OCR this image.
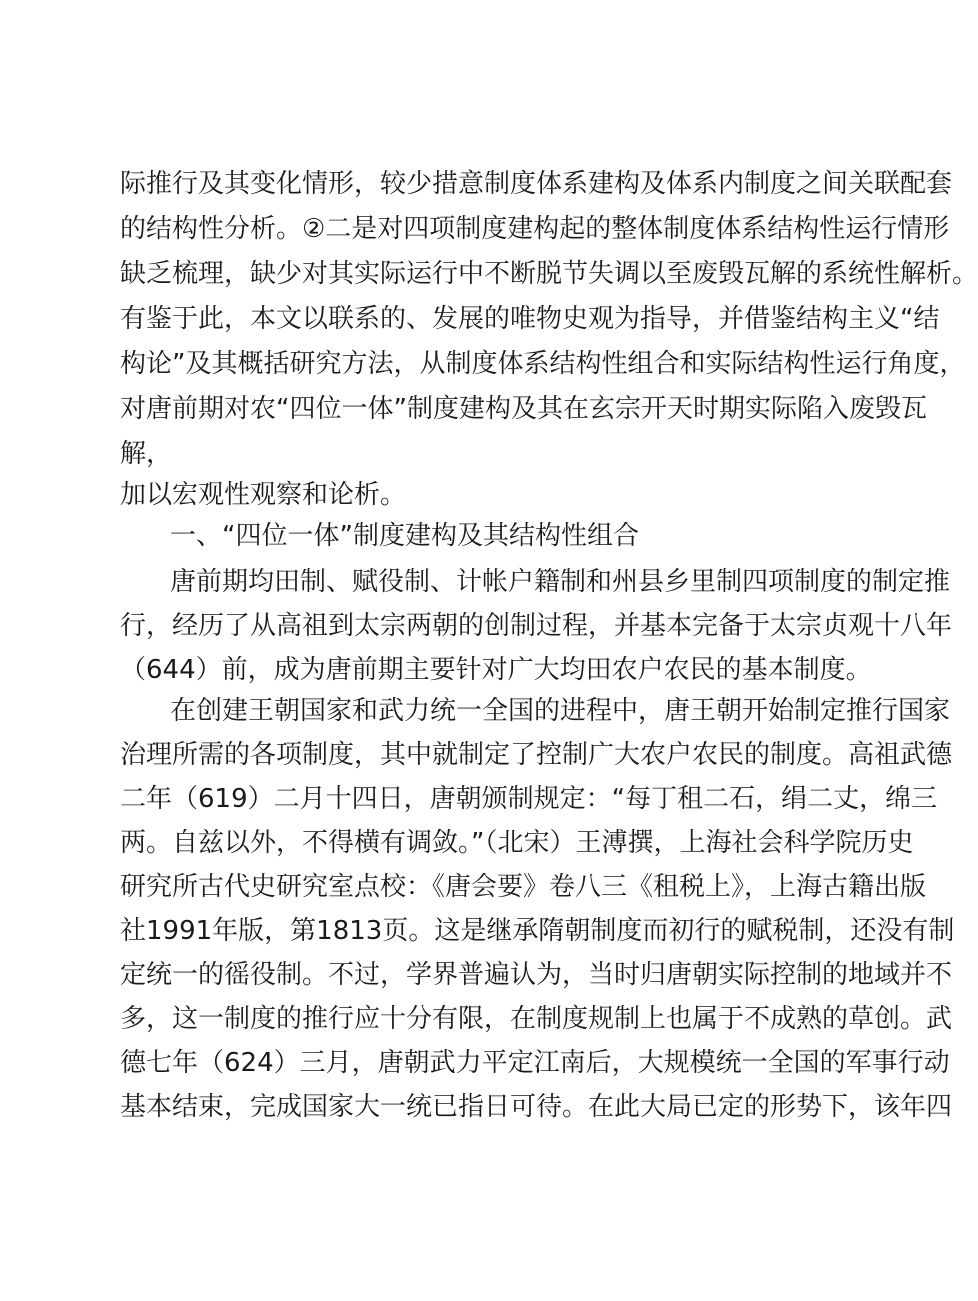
际推行及其变化情形，较少措意制度体系建构及体系内制度之间关联配套
的结构性分析。②二是对四项制度建构起的整体制度体系结构性运行情形
缺乏梳理，缺少对其实际运行中不断脱节失调以至废毁瓦解的系统性解析。
有鉴于此，本文以联系的、发展的唯物史观为指导，并借鉴结构主义“结
构论”及其概括研究方法，从制度体系结构性组合和实际结构性运行角度，
对唐前期对农“四位一体”制度建构及其在玄宗开天时期实际陷入废毁瓦
解，
加以宏观性观察和论析。
一、“四位一体”制度建构及其结构性组合
唐前期均田制、赋役制、计帐户籍制和州县乡里制四项制度的制定推
行，经历了从高祖到太宗两朝的创制过程，并基本完备于太宗贞观十八年
（644）前，成为唐前期主要针对广大均田农户农民的基本制度。
在创建王朝国家和武力统一全国的进程中，唐王朝开始制定推行国家
治理所需的各项制度，其中就制定了控制广大农户农民的制度。高祖武德
二年（619）二月十四日，唐朝颁制规定：“每丁租二石，绢二丈，绵三
两。自兹以外，不得横有调敛。”（北宋）王溥撰，上海社会科学院历史
研究所古代史研究室点校：《唐会要》卷八三《租税上》，上海古籍出版
社1991年版，第1813页。这是继承隋朝制度而初行的赋税制，还没有制
定统一的徭役制。不过，学界普遍认为，当时归唐朝实际控制的地域并不
多，这一制度的推行应十分有限，在制度规制上也属于不成熟的草创。武
德七年（624）三月，唐朝武力平定江南后，大规模统一全国的军事行动
基本结束，完成国家大一统已指日可待。在此大局已定的形势下，该年四
